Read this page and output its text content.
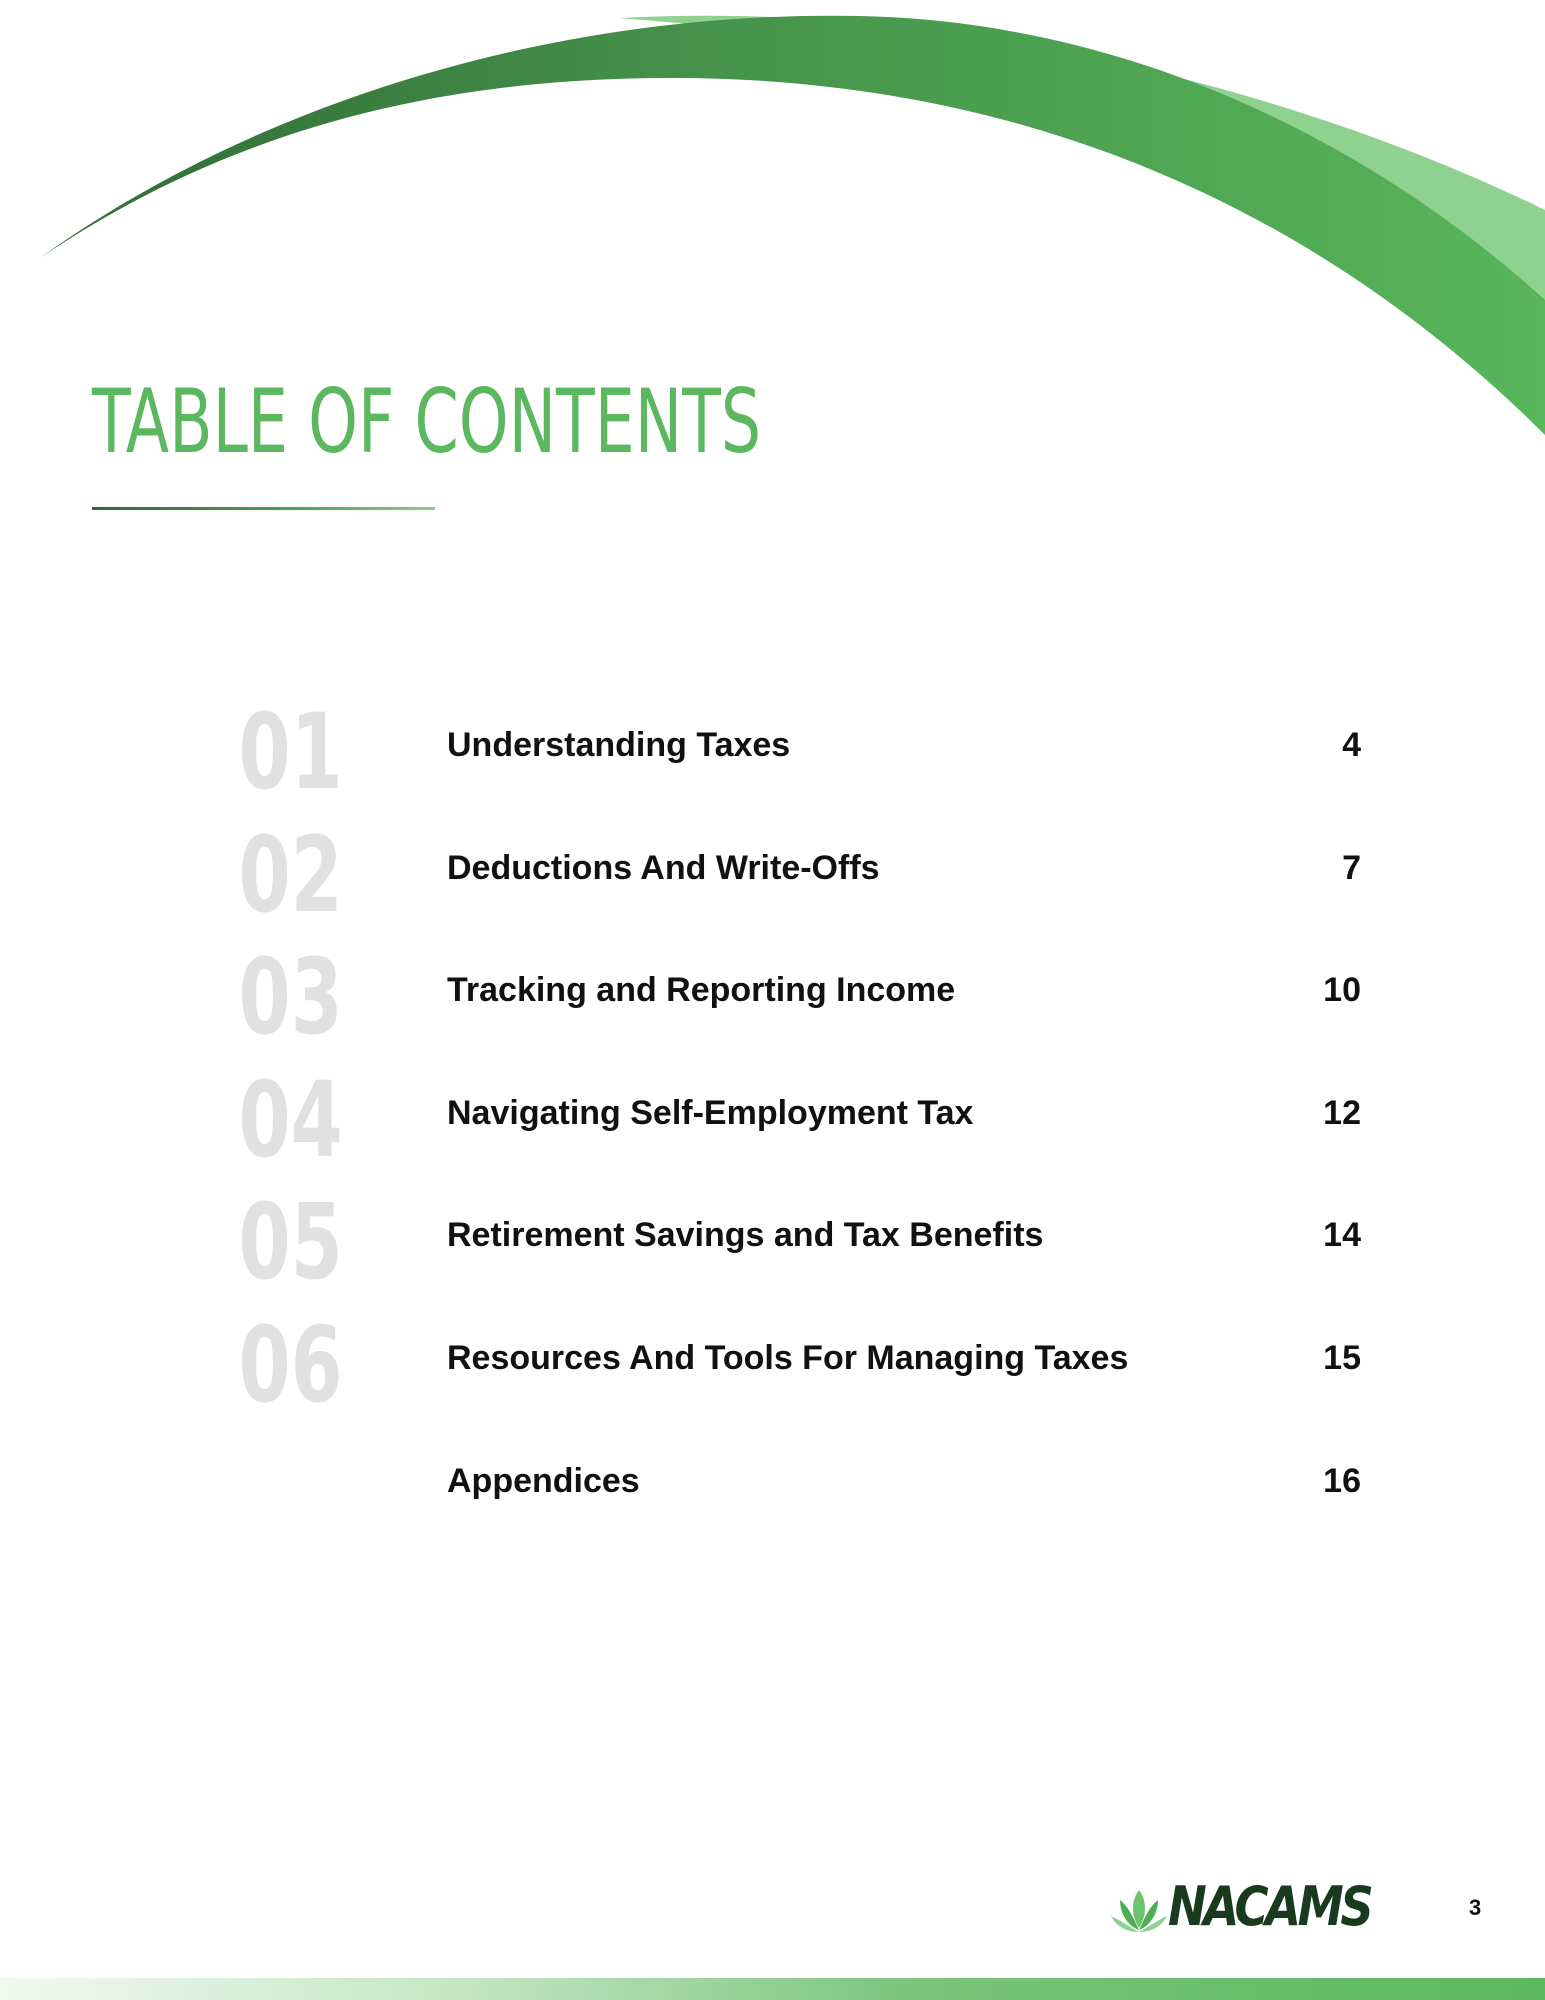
TABLE OF CONTENTS
01	Understanding Taxes	4
02	Deductions And Write-Offs	7
03	Tracking and Reporting Income	10
04	Navigating Self-Employment Tax	12
05	Retirement Savings and Tax Benefits	14
06	Resources And Tools For Managing Taxes	15
Appendices	16
NACAMS	3
